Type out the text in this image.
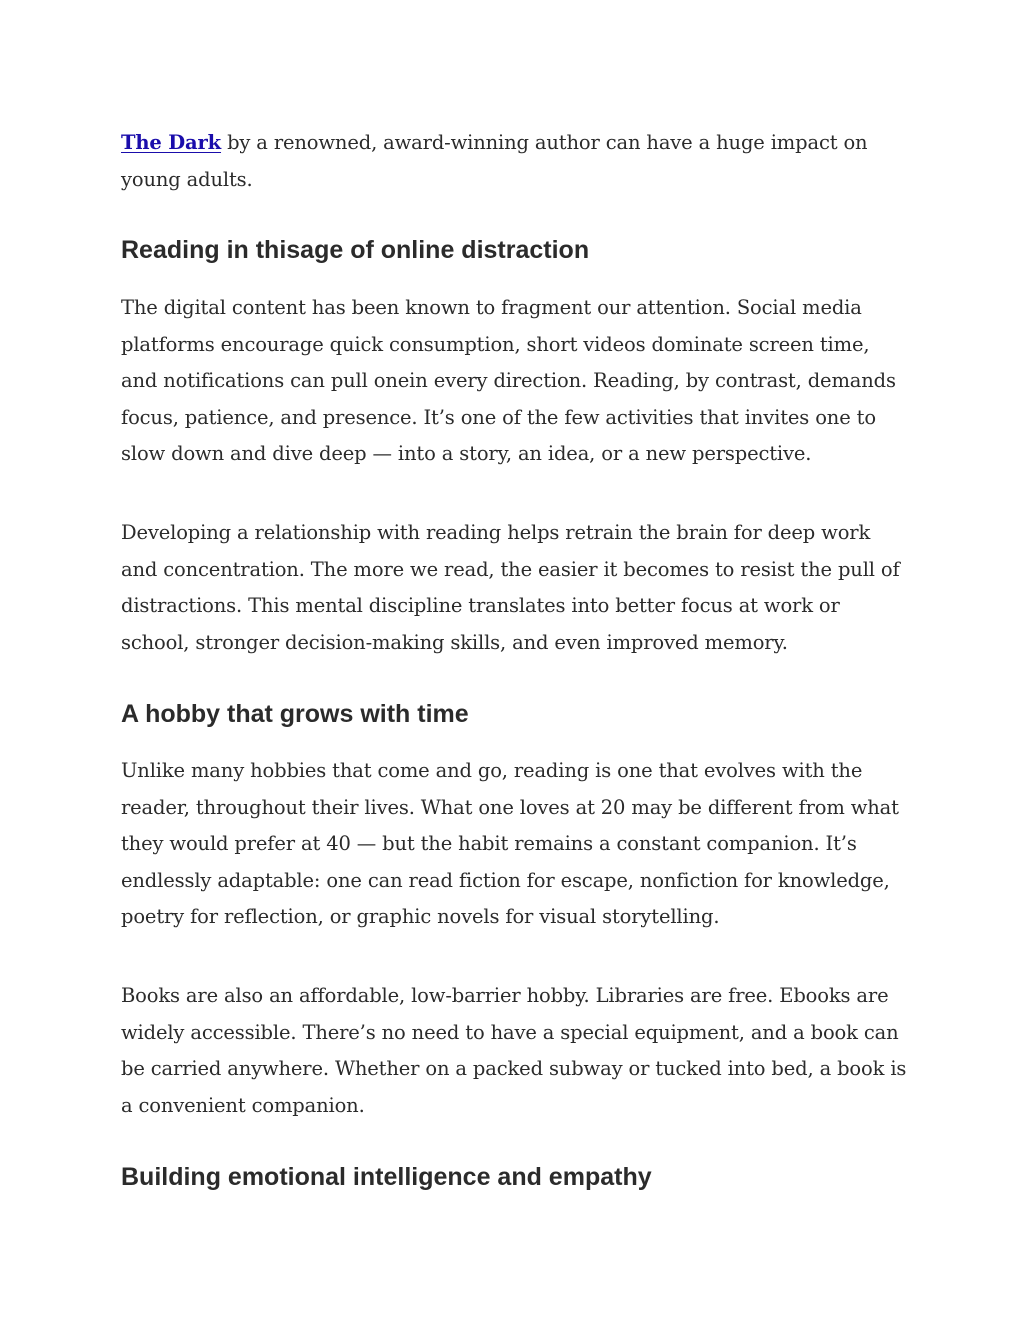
The Dark by a renowned, award-winning author can have a huge impact on young adults.

Reading in thisage of online distraction

The digital content has been known to fragment our attention. Social media platforms encourage quick consumption, short videos dominate screen time, and notifications can pull onein every direction. Reading, by contrast, demands focus, patience, and presence. It’s one of the few activities that invites one to slow down and dive deep — into a story, an idea, or a new perspective.

Developing a relationship with reading helps retrain the brain for deep work and concentration. The more we read, the easier it becomes to resist the pull of distractions. This mental discipline translates into better focus at work or school, stronger decision-making skills, and even improved memory.

A hobby that grows with time

Unlike many hobbies that come and go, reading is one that evolves with the reader, throughout their lives. What one loves at 20 may be different from what they would prefer at 40 — but the habit remains a constant companion. It’s endlessly adaptable: one can read fiction for escape, nonfiction for knowledge, poetry for reflection, or graphic novels for visual storytelling.

Books are also an affordable, low-barrier hobby. Libraries are free. Ebooks are widely accessible. There’s no need to have a special equipment, and a book can be carried anywhere. Whether on a packed subway or tucked into bed, a book is a convenient companion.

Building emotional intelligence and empathy
